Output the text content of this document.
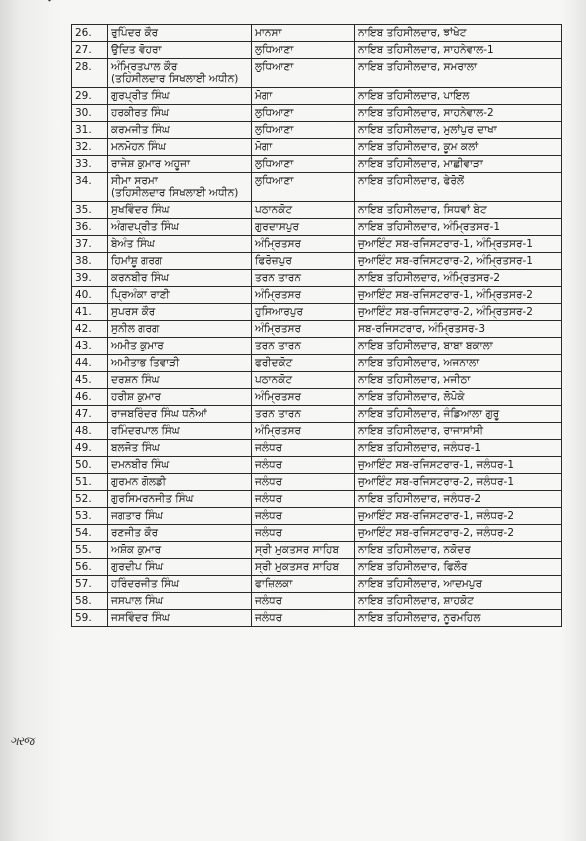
ગરજ
26.	ਰੁਪਿੰਦਰ ਕੌਰ	ਮਾਨਸਾ	ਨਾਇਬ ਤਹਿਸੀਲਦਾਰ, ਝਾਂਖੇਟ
27.	ਉਦਿਤ ਵੋਹਰਾ	ਲੁਧਿਆਣਾ	ਨਾਇਬ ਤਹਿਸੀਲਦਾਰ, ਸਾਹਨੇਵਾਲ-1
28.	ਅੰਮ੍ਰਿਤਪਾਲ ਕੌਰ
(ਤਹਿਸੀਲਦਾਰ ਸਿਖਲਾਈ ਅਧੀਨ)	ਲੁਧਿਆਣਾ	ਨਾਇਬ ਤਹਿਸੀਲਦਾਰ, ਸਮਰਾਲਾ
29.	ਗੁਰਪ੍ਰੀਤ ਸਿੰਘ	ਮੋਗਾ	ਨਾਇਬ ਤਹਿਸੀਲਦਾਰ, ਪਾਇਲ
30.	ਹਰਕੀਰਤ ਸਿੰਘ	ਲੁਧਿਆਣਾ	ਨਾਇਬ ਤਹਿਸੀਲਦਾਰ, ਸਾਹਨੇਵਾਲ-2
31.	ਕਰਮਜੀਤ ਸਿੰਘ	ਲੁਧਿਆਣਾ	ਨਾਇਬ ਤਹਿਸੀਲਦਾਰ, ਮੁਲਾਂਪੁਰ ਦਾਖਾ
32.	ਮਨਮੋਹਨ ਸਿੰਘ	ਮੋਗਾ	ਨਾਇਬ ਤਹਿਸੀਲਦਾਰ, ਕੂਮ ਕਲਾਂ
33.	ਰਾਜੇਸ਼ ਕੁਮਾਰ ਅਹੂਜਾ	ਲੁਧਿਆਣਾ	ਨਾਇਬ ਤਹਿਸੀਲਦਾਰ, ਮਾਛੀਵਾੜਾ
34.	ਸੀਮਾ ਸਰਮਾ
(ਤਹਿਸੀਲਦਾਰ ਸਿਖਲਾਈ ਅਧੀਨ)	ਲੁਧਿਆਣਾ	ਨਾਇਬ ਤਹਿਸੀਲਦਾਰ, ਫੇਰੋਲੋਂ
35.	ਸੁਖਵਿੰਦਰ ਸਿੰਘ	ਪਠਾਨਕੋਟ	ਨਾਇਬ ਤਹਿਸੀਲਦਾਰ, ਸਿਧਵਾਂ ਬੇਟ
36.	ਅੰਗਦਪ੍ਰੀਤ ਸਿੰਘ	ਗੁਰਦਾਸਪੁਰ	ਨਾਇਬ ਤਹਿਸੀਲਦਾਰ, ਅੰਮ੍ਰਿਤਸਰ-1
37.	ਬੇਅੰਤ ਸਿੰਘ	ਅੰਮ੍ਰਿਤਸਰ	ਜੁਆਇੰਟ ਸਬ-ਰਜਿਸਟਰਾਰ-1, ਅੰਮ੍ਰਿਤਸਰ-1
38.	ਹਿਮਾਂਸ਼ੂ ਗਰਗ	ਫਿਰੋਜ਼ਪੁਰ	ਜੁਆਇੰਟ ਸਬ-ਰਜਿਸਟਰਾਰ-2, ਅੰਮ੍ਰਿਤਸਰ-1
39.	ਕਰਨਬੀਰ ਸਿੰਘ	ਤਰਨ ਤਾਰਨ	ਨਾਇਬ ਤਹਿਸੀਲਦਾਰ, ਅੰਮ੍ਰਿਤਸਰ-2
40.	ਪ੍ਰਿਅੰਕਾ ਰਾਣੀ	ਅੰਮ੍ਰਿਤਸਰ	ਜੁਆਇੰਟ ਸਬ-ਰਜਿਸਟਰਾਰ-1, ਅੰਮ੍ਰਿਤਸਰ-2
41.	ਸੁਪਰਸ ਕੌਰ	ਹੁਸਿਆਰਪੁਰ	ਜੁਆਇੰਟ ਸਬ-ਰਜਿਸਟਰਾਰ-2, ਅੰਮ੍ਰਿਤਸਰ-2
42.	ਸੁਨੀਲ ਗਰਗ	ਅੰਮ੍ਰਿਤਸਰ	ਸਬ-ਰਜਿਸਟਰਾਰ, ਅੰਮ੍ਰਿਤਸਰ-3
43.	ਅਮੀਤ ਕੁਮਾਰ	ਤਰਨ ਤਾਰਨ	ਨਾਇਬ ਤਹਿਸੀਲਦਾਰ, ਬਾਬਾ ਬਕਾਲਾ
44.	ਅਮੀਤਾਭ ਤਿਵਾੜੀ	ਫਰੀਦਕੋਟ	ਨਾਇਬ ਤਹਿਸੀਲਦਾਰ, ਅਜਨਾਲਾ
45.	ਦਰਸ਼ਨ ਸਿੰਘ	ਪਠਾਨਕੋਟ	ਨਾਇਬ ਤਹਿਸੀਲਦਾਰ, ਮਜੀਠਾ
46.	ਹਰੀਸ਼ ਕੁਮਾਰ	ਅੰਮ੍ਰਿਤਸਰ	ਨਾਇਬ ਤਹਿਸੀਲਦਾਰ, ਲੋਪੋਕੇ
47.	ਰਾਜਬਰਿੰਦਰ ਸਿੰਘ ਧਨੋਆਂ	ਤਰਨ ਤਾਰਨ	ਨਾਇਬ ਤਹਿਸੀਲਦਾਰ, ਜੰਡਿਆਲਾ ਗੁਰੂ
48.	ਰਮਿੰਦਰਪਾਲ ਸਿੰਘ	ਅੰਮ੍ਰਿਤਸਰ	ਨਾਇਬ ਤਹਿਸੀਲਦਾਰ, ਰਾਜਾਸਾਂਸੀ
49.	ਬਲਜੋਤ ਸਿੰਘ	ਜਲੰਧਰ	ਨਾਇਬ ਤਹਿਸੀਲਦਾਰ, ਜਲੰਧਰ-1
50.	ਦਮਨਬੀਰ ਸਿੰਘ	ਜਲੰਧਰ	ਜੁਆਇੰਟ ਸਬ-ਰਜਿਸਟਰਾਰ-1, ਜਲੰਧਰ-1
51.	ਗੁਰਮਨ ਗੋਲਡੀ	ਜਲੰਧਰ	ਜੁਆਇੰਟ ਸਬ-ਰਜਿਸਟਰਾਰ-2, ਜਲੰਧਰ-1
52.	ਗੁਰਸਿਮਰਨਜੀਤ ਸਿੰਘ	ਜਲੰਧਰ	ਨਾਇਬ ਤਹਿਸੀਲਦਾਰ, ਜਲੰਧਰ-2
53.	ਜਗਤਾਰ ਸਿੰਘ	ਜਲੰਧਰ	ਜੁਆਇੰਟ ਸਬ-ਰਜਿਸਟਰਾਰ-1, ਜਲੰਧਰ-2
54.	ਰਣਜੀਤ ਕੌਰ	ਜਲੰਧਰ	ਜੁਆਇੰਟ ਸਬ-ਰਜਿਸਟਰਾਰ-2, ਜਲੰਧਰ-2
55.	ਅਸ਼ੋਕ ਕੁਮਾਰ	ਸ੍ਰੀ ਮੁਕਤਸਰ ਸਾਹਿਬ	ਨਾਇਬ ਤਹਿਸੀਲਦਾਰ, ਨਕੋਦਰ
56.	ਗੁਰਦੀਪ ਸਿੰਘ	ਸ੍ਰੀ ਮੁਕਤਸਰ ਸਾਹਿਬ	ਨਾਇਬ ਤਹਿਸੀਲਦਾਰ, ਫਿਲੌਰ
57.	ਹਰਿੰਦਰਜੀਤ ਸਿੰਘ	ਫਾਜ਼ਿਲਕਾ	ਨਾਇਬ ਤਹਿਸੀਲਦਾਰ, ਆਦਮਪੁਰ
58.	ਜਸਪਾਲ ਸਿੰਘ	ਜਲੰਧਰ	ਨਾਇਬ ਤਹਿਸੀਲਦਾਰ, ਸ਼ਾਹਕੋਟ
59.	ਜਸਵਿੰਦਰ ਸਿੰਘ	ਜਲੰਧਰ	ਨਾਇਬ ਤਹਿਸੀਲਦਾਰ, ਨੂਰਮਹਿਲ
